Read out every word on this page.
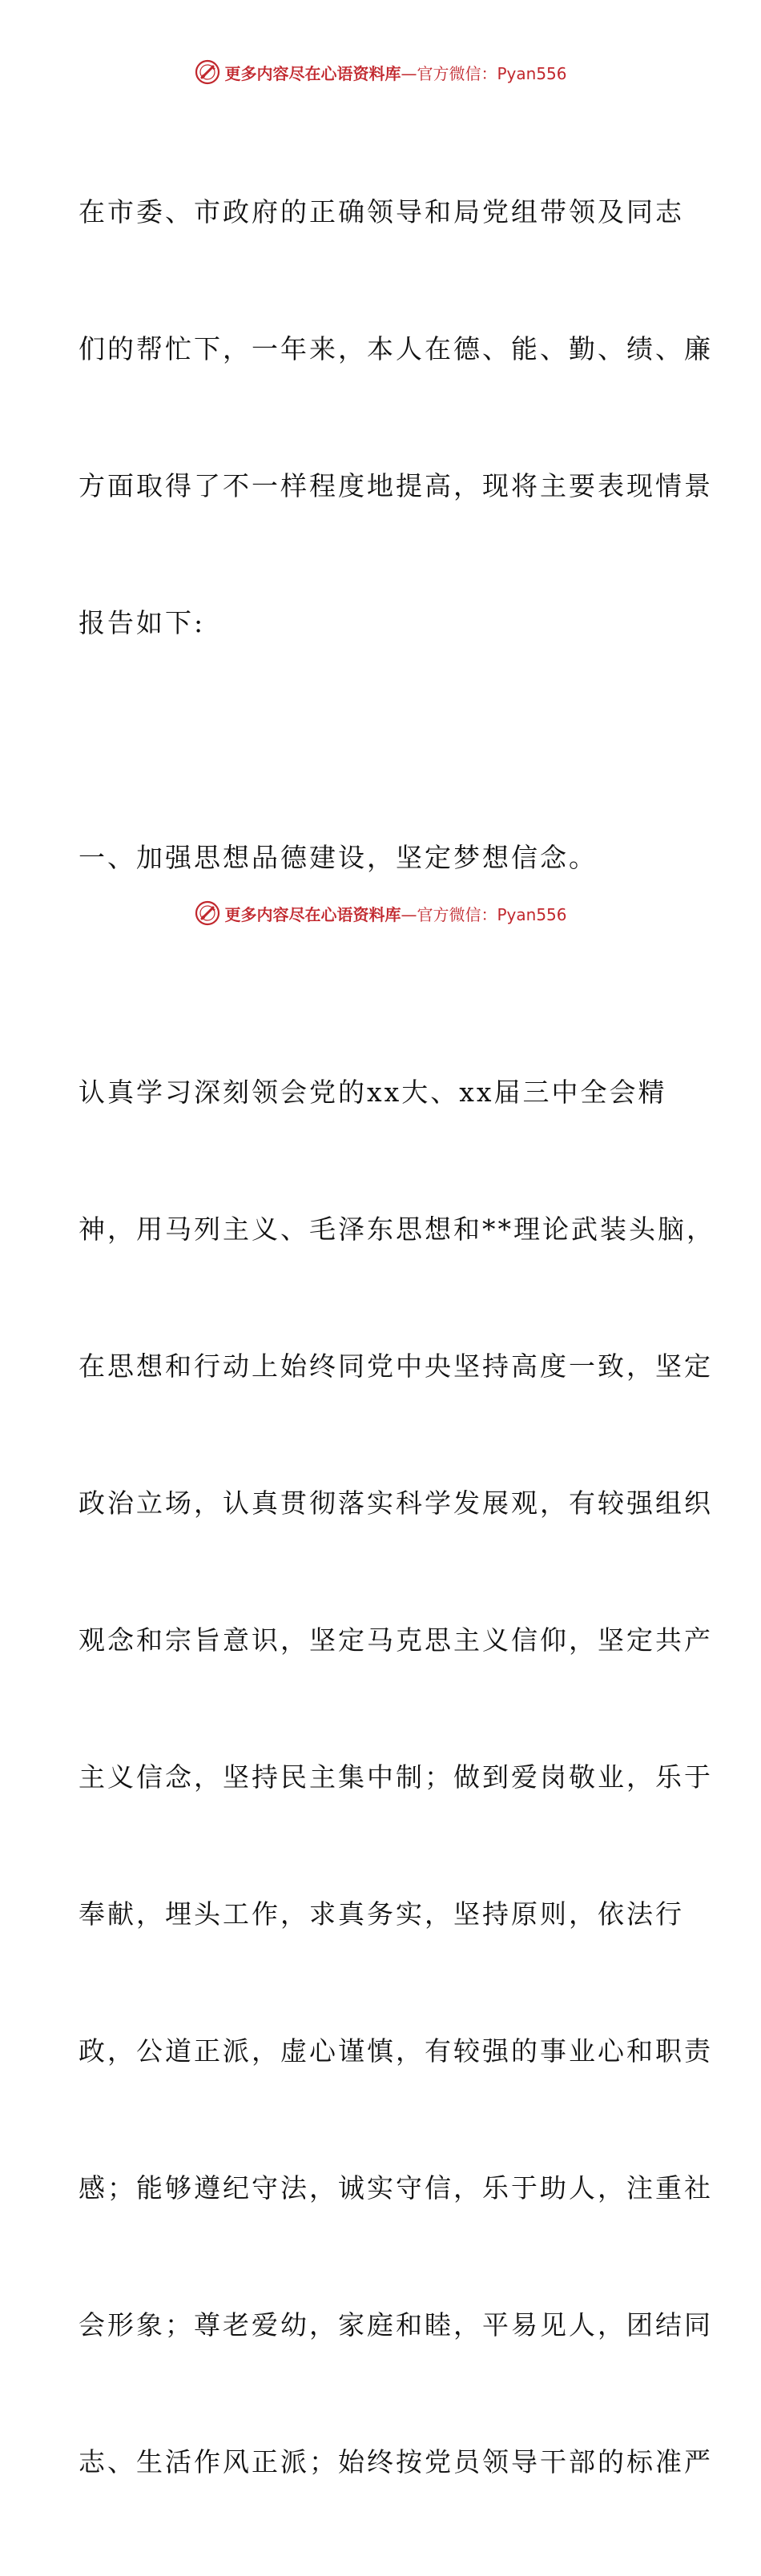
更多内容尽在心语资料库—官方微信：Pyan556

在市委、市政府的正确领导和局党组带领及同志

们的帮忙下，一年来，本人在德、能、勤、绩、廉

方面取得了不一样程度地提高，现将主要表现情景

报告如下:

一、加强思想品德建设，坚定梦想信念。

认真学习深刻领会党的xx大、xx届三中全会精

神，用马列主义、毛泽东思想和**理论武装头脑，

在思想和行动上始终同党中央坚持高度一致，坚定

政治立场，认真贯彻落实科学发展观，有较强组织

观念和宗旨意识，坚定马克思主义信仰，坚定共产

主义信念，坚持民主集中制；做到爱岗敬业，乐于

奉献，埋头工作，求真务实，坚持原则，依法行

政，公道正派，虚心谨慎，有较强的事业心和职责

感；能够遵纪守法，诚实守信，乐于助人，注重社

会形象；尊老爱幼，家庭和睦，平易见人，团结同

志、生活作风正派；始终按党员领导干部的标准严

更多内容尽在心语资料库—官方微信：Pyan556
